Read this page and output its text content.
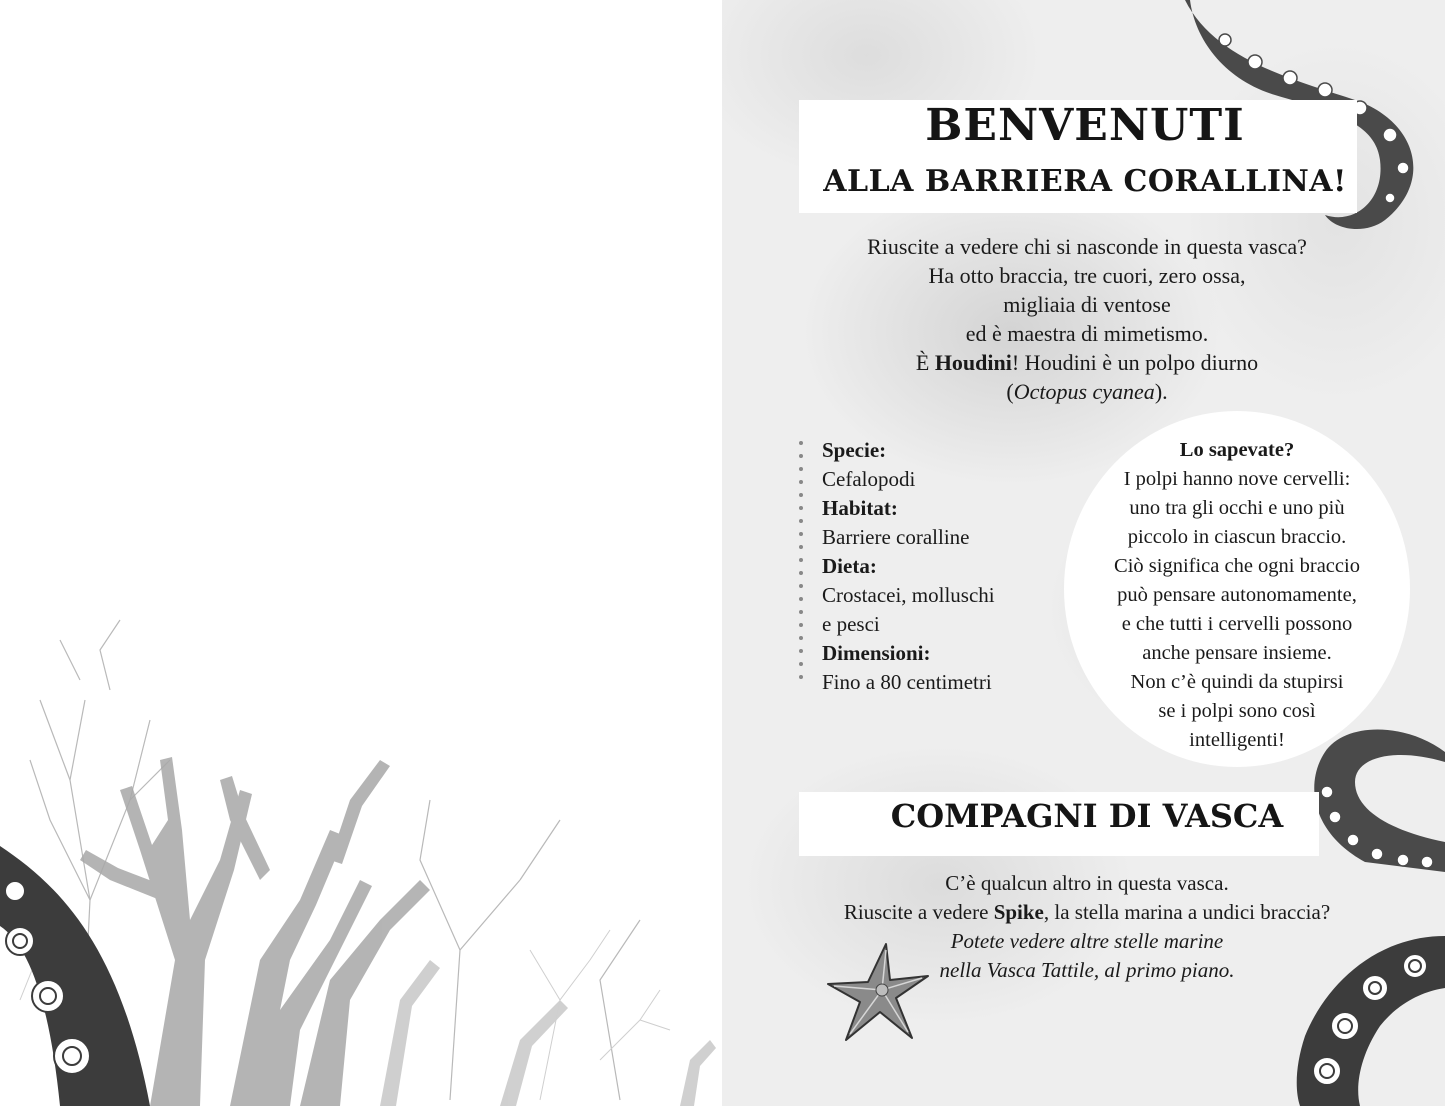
BENVENUTI
ALLA BARRIERA CORALLINA!
Riuscite a vedere chi si nasconde in questa vasca?
Ha otto braccia, tre cuori, zero ossa,
migliaia di ventose
ed è maestra di mimetismo.
È Houdini! Houdini è un polpo diurno
(Octopus cyanea).
Specie:
Cefalopodi
Habitat:
Barriere coralline
Dieta:
Crostacei, molluschi
e pesci
Dimensioni:
Fino a 80 centimetri
Lo sapevate?
I polpi hanno nove cervelli:
uno tra gli occhi e uno più
piccolo in ciascun braccio.
Ciò significa che ogni braccio
può pensare autonomamente,
e che tutti i cervelli possono
anche pensare insieme.
Non c’è quindi da stupirsi
se i polpi sono così
intelligenti!
COMPAGNI DI VASCA
C’è qualcun altro in questa vasca.
Riuscite a vedere Spike, la stella marina a undici braccia?
Potete vedere altre stelle marine
nella Vasca Tattile, al primo piano.
